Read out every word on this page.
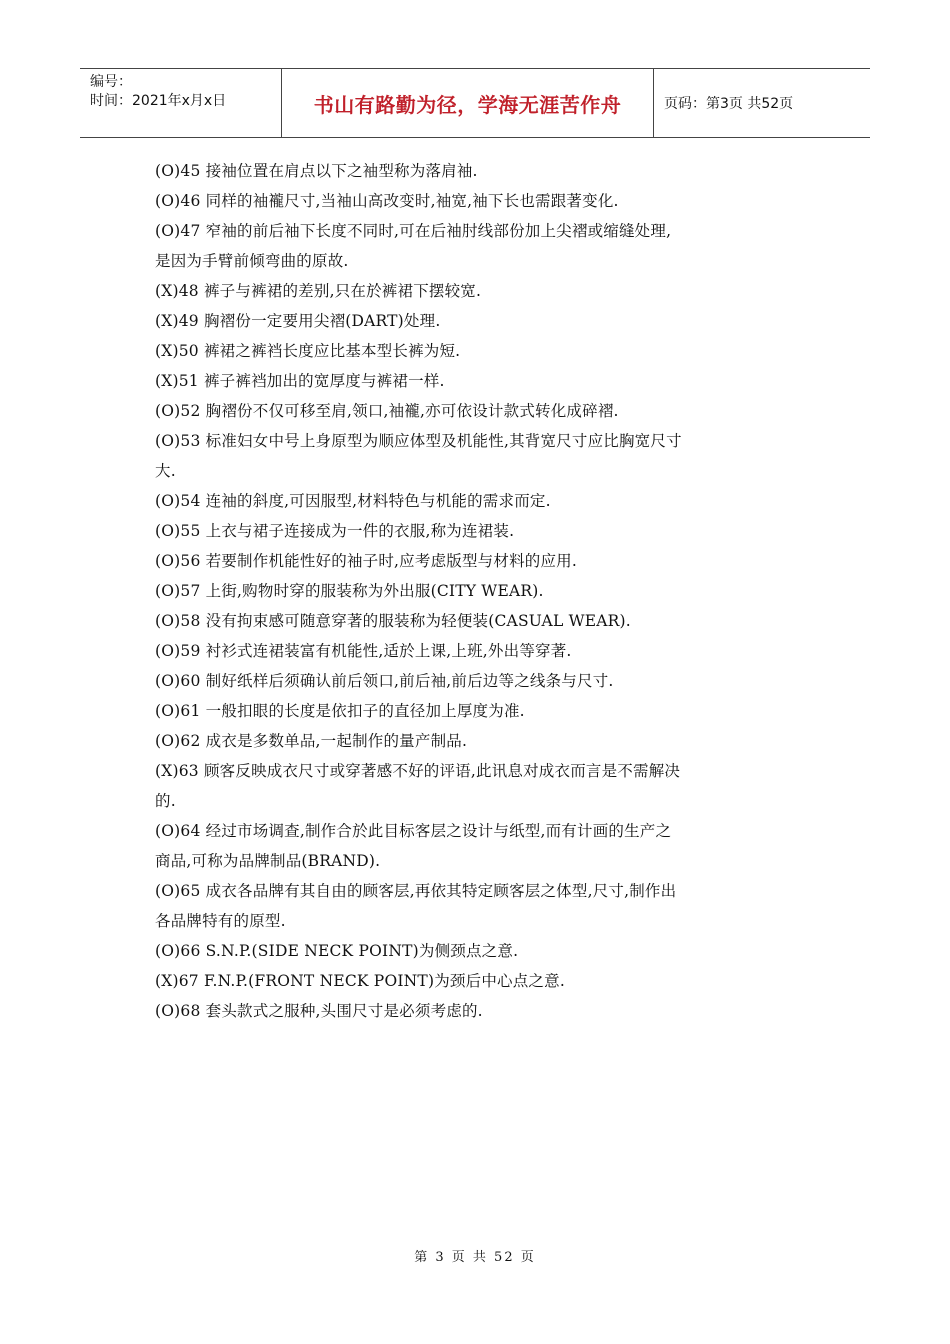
编号：
时间：2021年x月x日	书山有路勤为径，学海无涯苦作舟	页码：第3页 共52页
(O)45 接袖位置在肩点以下之袖型称为落肩袖.
(O)46 同样的袖襱尺寸,当袖山高改变时,袖宽,袖下长也需跟著变化.
(O)47 窄袖的前后袖下长度不同时,可在后袖肘线部份加上尖褶或缩缝处理,
是因为手臂前倾弯曲的原故.
(X)48 裤子与裤裙的差别,只在於裤裙下摆较宽.
(X)49 胸褶份一定要用尖褶(DART)处理.
(X)50 裤裙之裤裆长度应比基本型长裤为短.
(X)51 裤子裤裆加出的宽厚度与裤裙一样.
(O)52 胸褶份不仅可移至肩,领口,袖襱,亦可依设计款式转化成碎褶.
(O)53 标准妇女中号上身原型为顺应体型及机能性,其背宽尺寸应比胸宽尺寸
大.
(O)54 连袖的斜度,可因服型,材料特色与机能的需求而定.
(O)55 上衣与裙子连接成为一件的衣服,称为连裙装.
(O)56 若要制作机能性好的袖子时,应考虑版型与材料的应用.
(O)57 上街,购物时穿的服装称为外出服(CITY WEAR).
(O)58 没有拘束感可随意穿著的服装称为轻便装(CASUAL WEAR).
(O)59 衬衫式连裙装富有机能性,适於上课,上班,外出等穿著.
(O)60 制好纸样后须确认前后领口,前后袖,前后边等之线条与尺寸.
(O)61 一般扣眼的长度是依扣子的直径加上厚度为准.
(O)62 成衣是多数单品,一起制作的量产制品.
(X)63 顾客反映成衣尺寸或穿著感不好的评语,此讯息对成衣而言是不需解决
的.
(O)64 经过市场调查,制作合於此目标客层之设计与纸型,而有计画的生产之
商品,可称为品牌制品(BRAND).
(O)65 成衣各品牌有其自由的顾客层,再依其特定顾客层之体型,尺寸,制作出
各品牌特有的原型.
(O)66 S.N.P.(SIDE NECK POINT)为侧颈点之意.
(X)67 F.N.P.(FRONT NECK POINT)为颈后中心点之意.
(O)68 套头款式之服种,头围尺寸是必须考虑的.
第 3 页 共 52 页
